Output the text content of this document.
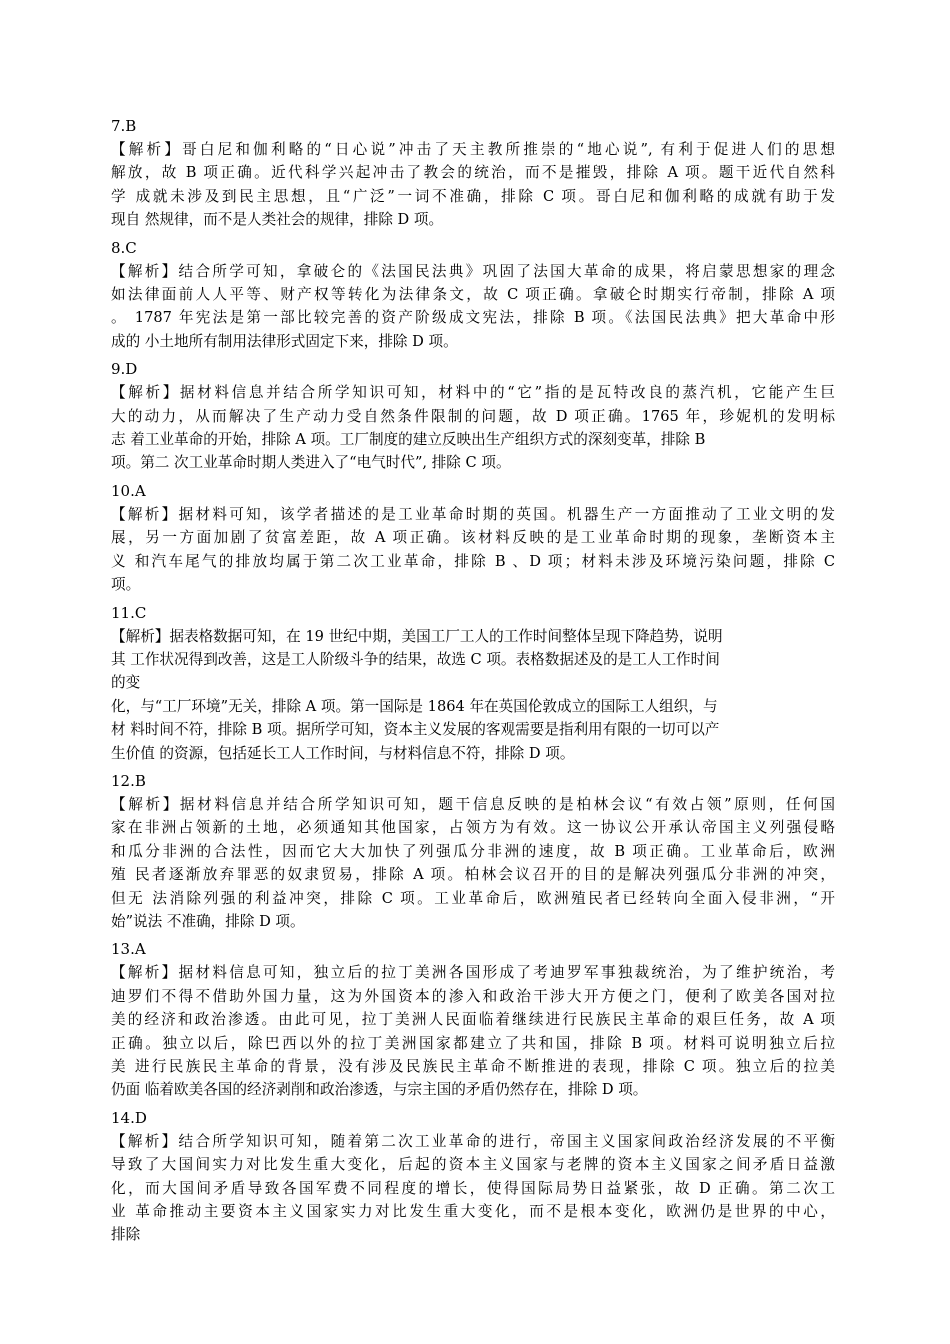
7.B

【解析】哥白尼和伽利略的“日心说”冲击了天主教所推崇的“地心说”, 有利于促进人们的思想
解放，故 B 项正确。近代科学兴起冲击了教会的统治，而不是摧毁，排除 A 项。题干近代自然科
学 成就未涉及到民主思想，且“广泛”一词不准确，排除 C 项。哥白尼和伽利略的成就有助于发
现自 然规律，而不是人类社会的规律，排除 D 项。

8.C

【解析】结合所学可知，拿破仑的《法国民法典》巩固了法国大革命的成果，将启蒙思想家的理念
如法律面前人人平等、财产权等转化为法律条文，故 C 项正确。拿破仑时期实行帝制，排除 A 项
。 1787 年宪法是第一部比较完善的资产阶级成文宪法，排除 B 项。《法国民法典》把大革命中形
成的 小土地所有制用法律形式固定下来，排除 D 项。

9.D

【解析】据材料信息并结合所学知识可知，材料中的“它”指的是瓦特改良的蒸汽机，它能产生巨
大的动力，从而解决了生产动力受自然条件限制的问题，故 D 项正确。1765 年，珍妮机的发明标
志 着工业革命的开始，排除 A 项。工厂制度的建立反映出生产组织方式的深刻变革，排除 B
项。第二 次工业革命时期人类进入了“电气时代”, 排除 C 项。

10.A

【解析】据材料可知，该学者描述的是工业革命时期的英国。机器生产一方面推动了工业文明的发
展，另一方面加剧了贫富差距，故 A 项正确。该材料反映的是工业革命时期的现象，垄断资本主
义 和汽车尾气的排放均属于第二次工业革命，排除 B 、D 项；材料未涉及环境污染问题，排除 C
项。

11.C

【解析】据表格数据可知，在 19 世纪中期，美国工厂工人的工作时间整体呈现下降趋势，说明
其 工作状况得到改善，这是工人阶级斗争的结果，故选 C 项。表格数据述及的是工人工作时间
的变
化，与“工厂环境”无关，排除 A 项。第一国际是 1864 年在英国伦敦成立的国际工人组织，与
材 料时间不符，排除 B 项。据所学可知，资本主义发展的客观需要是指利用有限的一切可以产
生价值 的资源，包括延长工人工作时间，与材料信息不符，排除 D 项。

12.B

【解析】据材料信息并结合所学知识可知，题干信息反映的是柏林会议“有效占领”原则，任何国
家在非洲占领新的土地，必须通知其他国家，占领方为有效。这一协议公开承认帝国主义列强侵略
和瓜分非洲的合法性，因而它大大加快了列强瓜分非洲的速度，故 B 项正确。工业革命后，欧洲
殖 民者逐渐放弃罪恶的奴隶贸易，排除 A 项。柏林会议召开的目的是解决列强瓜分非洲的冲突，
但无 法消除列强的利益冲突，排除 C 项。工业革命后，欧洲殖民者已经转向全面入侵非洲，“开
始”说法 不准确，排除 D 项。

13.A

【解析】据材料信息可知，独立后的拉丁美洲各国形成了考迪罗军事独裁统治，为了维护统治，考
迪罗们不得不借助外国力量，这为外国资本的渗入和政治干涉大开方便之门，便利了欧美各国对拉
美的经济和政治渗透。由此可见，拉丁美洲人民面临着继续进行民族民主革命的艰巨任务，故 A 项
正确。独立以后，除巴西以外的拉丁美洲国家都建立了共和国，排除 B 项。材料可说明独立后拉
美 进行民族民主革命的背景，没有涉及民族民主革命不断推进的表现，排除 C 项。独立后的拉美
仍面 临着欧美各国的经济剥削和政治渗透，与宗主国的矛盾仍然存在，排除 D 项。

14.D

【解析】结合所学知识可知，随着第二次工业革命的进行，帝国主义国家间政治经济发展的不平衡
导致了大国间实力对比发生重大变化，后起的资本主义国家与老牌的资本主义国家之间矛盾日益激
化，而大国间矛盾导致各国军费不同程度的增长，使得国际局势日益紧张，故 D 正确。第二次工
业 革命推动主要资本主义国家实力对比发生重大变化，而不是根本变化，欧洲仍是世界的中心，
排除
